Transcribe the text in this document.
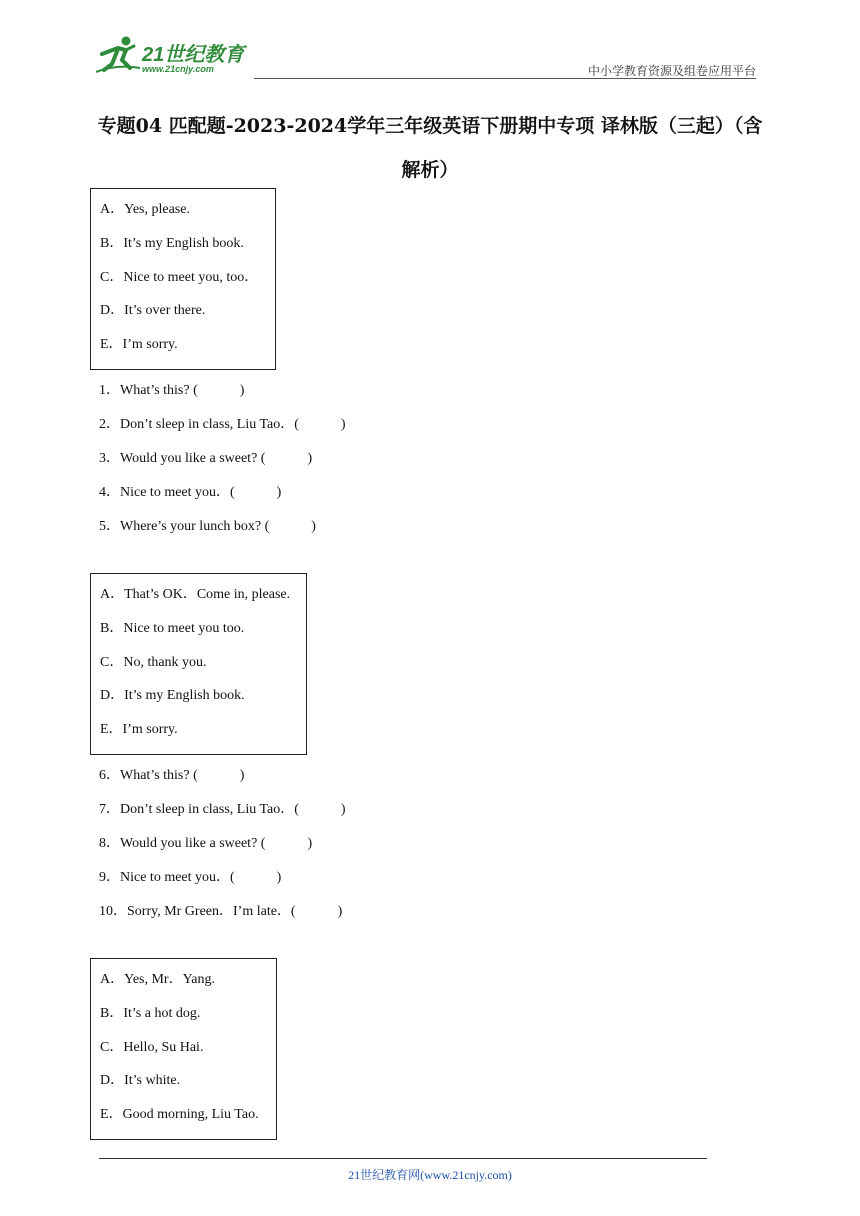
21世纪教育
www.21cnjy.com	中小学教育资源及组卷应用平台
专题04 匹配题-2023-2024学年三年级英语下册期中专项 译林版（三起）（含解析）
A．Yes, please.
B．It’s my English book.
C．Nice to meet you, too．
D．It’s over there.
E．I’m sorry.
1．What’s this? (　　　)
2．Don’t sleep in class, Liu Tao．(　　　)
3．Would you like a sweet? (　　　)
4．Nice to meet you．(　　　)
5．Where’s your lunch box? (　　　)
A．That’s OK．Come in, please.
B．Nice to meet you too.
C．No, thank you.
D．It’s my English book.
E．I’m sorry.
6．What’s this? (　　　)
7．Don’t sleep in class, Liu Tao．(　　　)
8．Would you like a sweet? (　　　)
9．Nice to meet you．(　　　)
10．Sorry, Mr Green．I’m late．(　　　)
A．Yes, Mr．Yang.
B．It’s a hot dog.
C．Hello, Su Hai.
D．It’s white.
E．Good morning, Liu Tao.
21世纪教育网(www.21cnjy.com)
